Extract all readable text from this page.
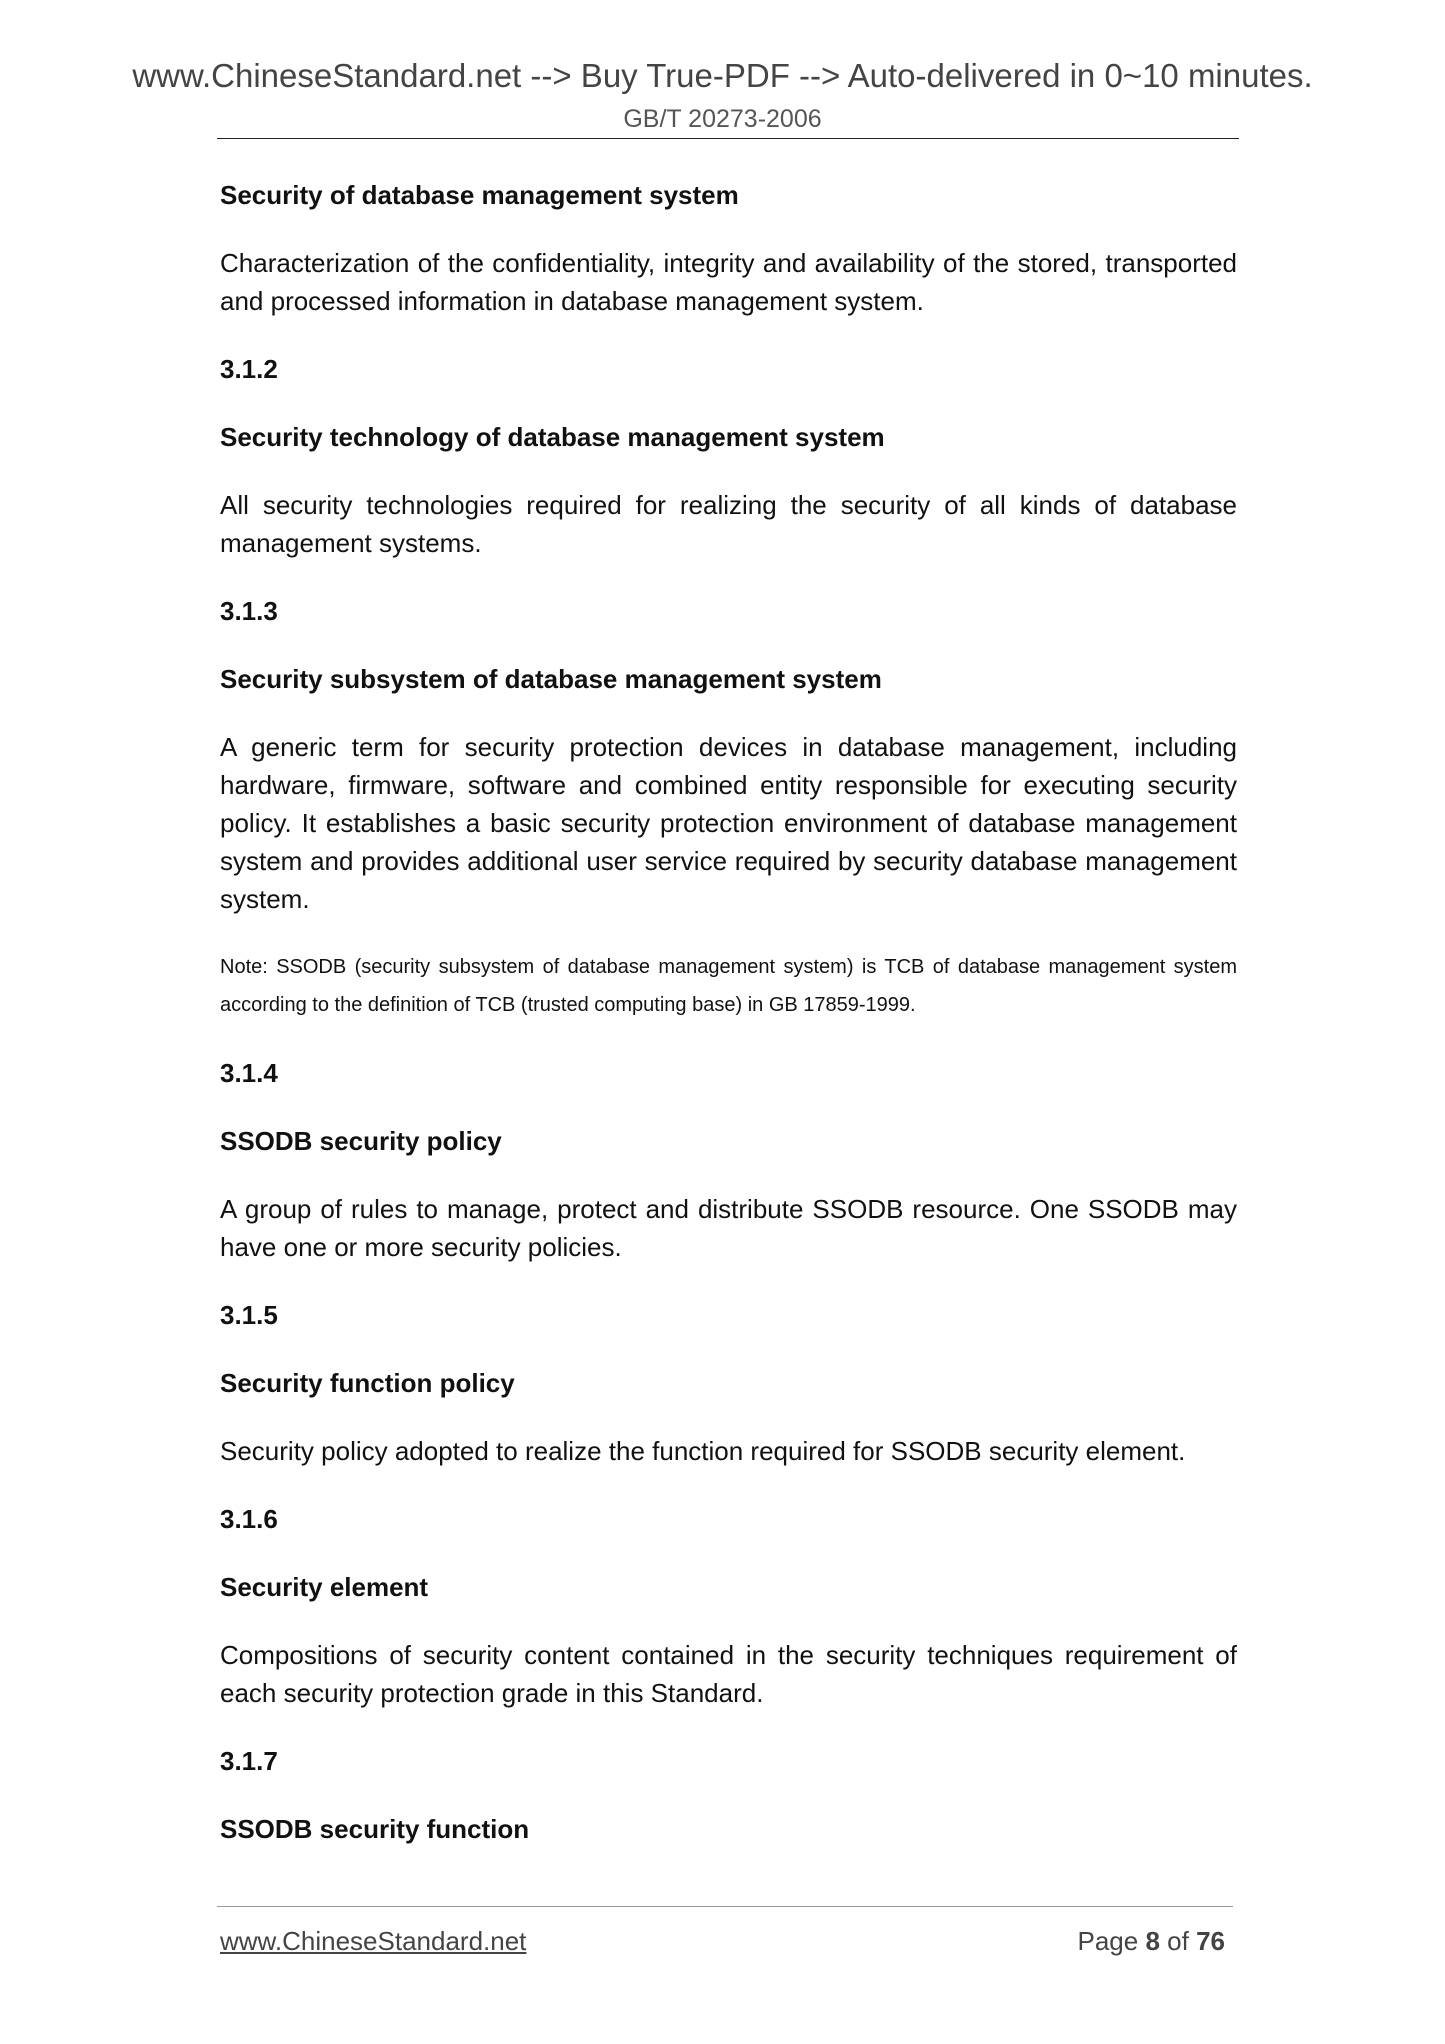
www.ChineseStandard.net --> Buy True-PDF --> Auto-delivered in 0~10 minutes.
GB/T 20273-2006

Security of database management system

Characterization of the confidentiality, integrity and availability of the stored, transported and processed information in database management system.

3.1.2

Security technology of database management system

All security technologies required for realizing the security of all kinds of database management systems.

3.1.3

Security subsystem of database management system

A generic term for security protection devices in database management, including hardware, firmware, software and combined entity responsible for executing security policy. It establishes a basic security protection environment of database management system and provides additional user service required by security database management system.

Note: SSODB (security subsystem of database management system) is TCB of database management system according to the definition of TCB (trusted computing base) in GB 17859-1999.

3.1.4

SSODB security policy

A group of rules to manage, protect and distribute SSODB resource. One SSODB may have one or more security policies.

3.1.5

Security function policy

Security policy adopted to realize the function required for SSODB security element.

3.1.6

Security element

Compositions of security content contained in the security techniques requirement of each security protection grade in this Standard.

3.1.7

SSODB security function

www.ChineseStandard.net	Page 8 of 76
